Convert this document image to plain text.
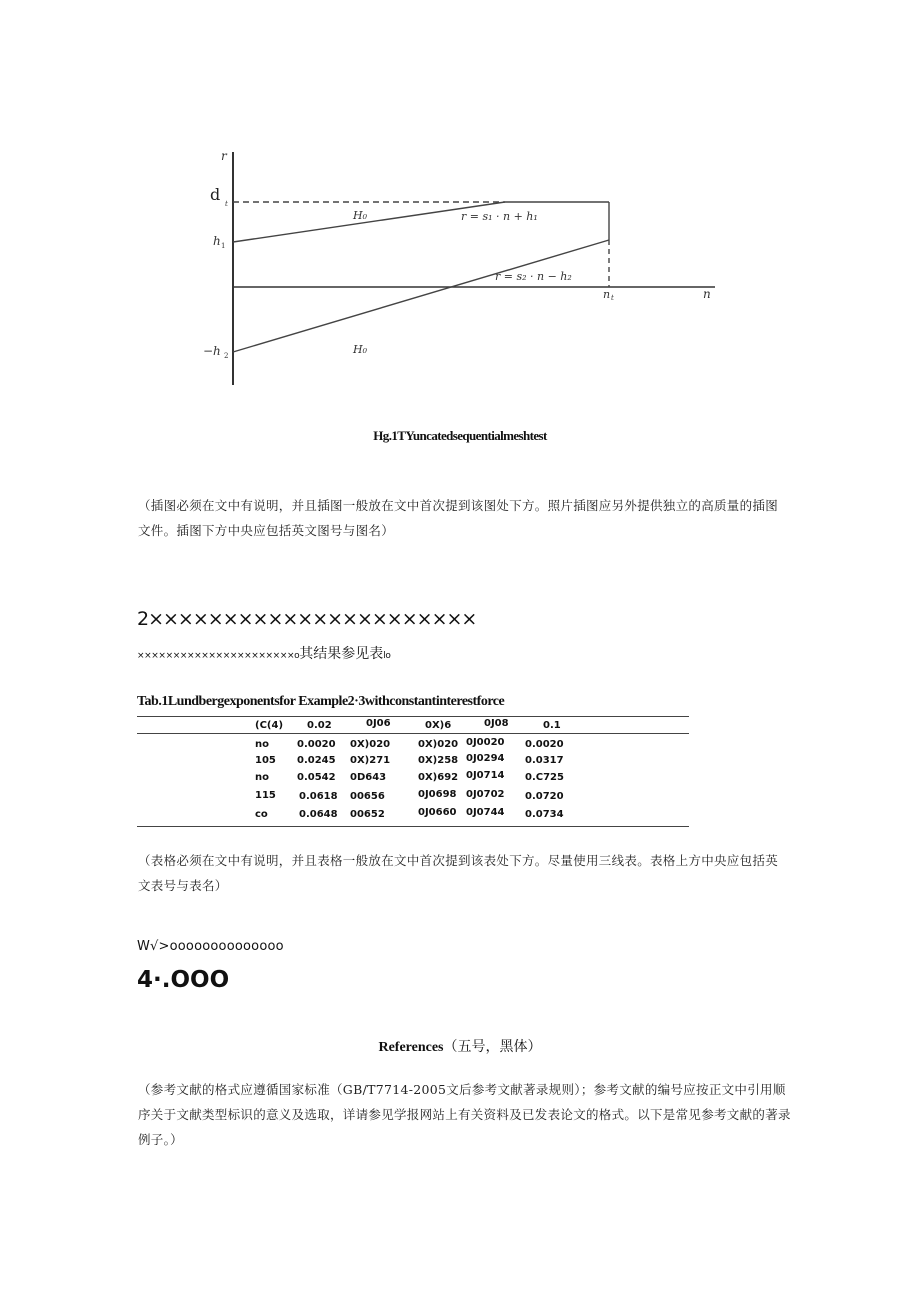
r
n
d t
h 1
−h 2
n t
H₀
H₀
r = s₁ · n + h₁
r = s₂ · n − h₂
Hg.1TYuncatedsequentialmeshtest
（插图必须在文中有说明，并且插图一般放在文中首次提到该图处下方。照片插图应另外提供独立的高质量的插图文件。插图下方中央应包括英文图号与图名）
2××××××××××××××××××××××
××××××××××××××××××××××o其结果参见表lo
Tab.1Lundbergexponentsfor Example2·3withconstantinterestforce
(C(4) 0.02	0J06	0X)6	0J08	0.1
no	0.0020 0X)020	0X)020 0J0020 0.0020
105 0.0245 0X)271	0X)258 0J0294 0.0317
no	0.0542 0D643	0X)692 0J0714 0.C725
115 0.0618 00656	0J0698 0J0702 0.0720
co	0.0648 00652	0J0660 0J0744 0.0734
（表格必须在文中有说明，并且表格一般放在文中首次提到该表处下方。尽量使用三线表。表格上方中央应包括英文表号与表名）
W√>oooooooooooooo
4·.OOO
References（五号，黑体）
（参考文献的格式应遵循国家标准（GB/T7714-2005文后参考文献著录规则）；参考文献的编号应按正文中引用顺序关于文献类型标识的意义及选取，详请参见学报网站上有关资料及已发表论文的格式。以下是常见参考文献的著录例子。）
